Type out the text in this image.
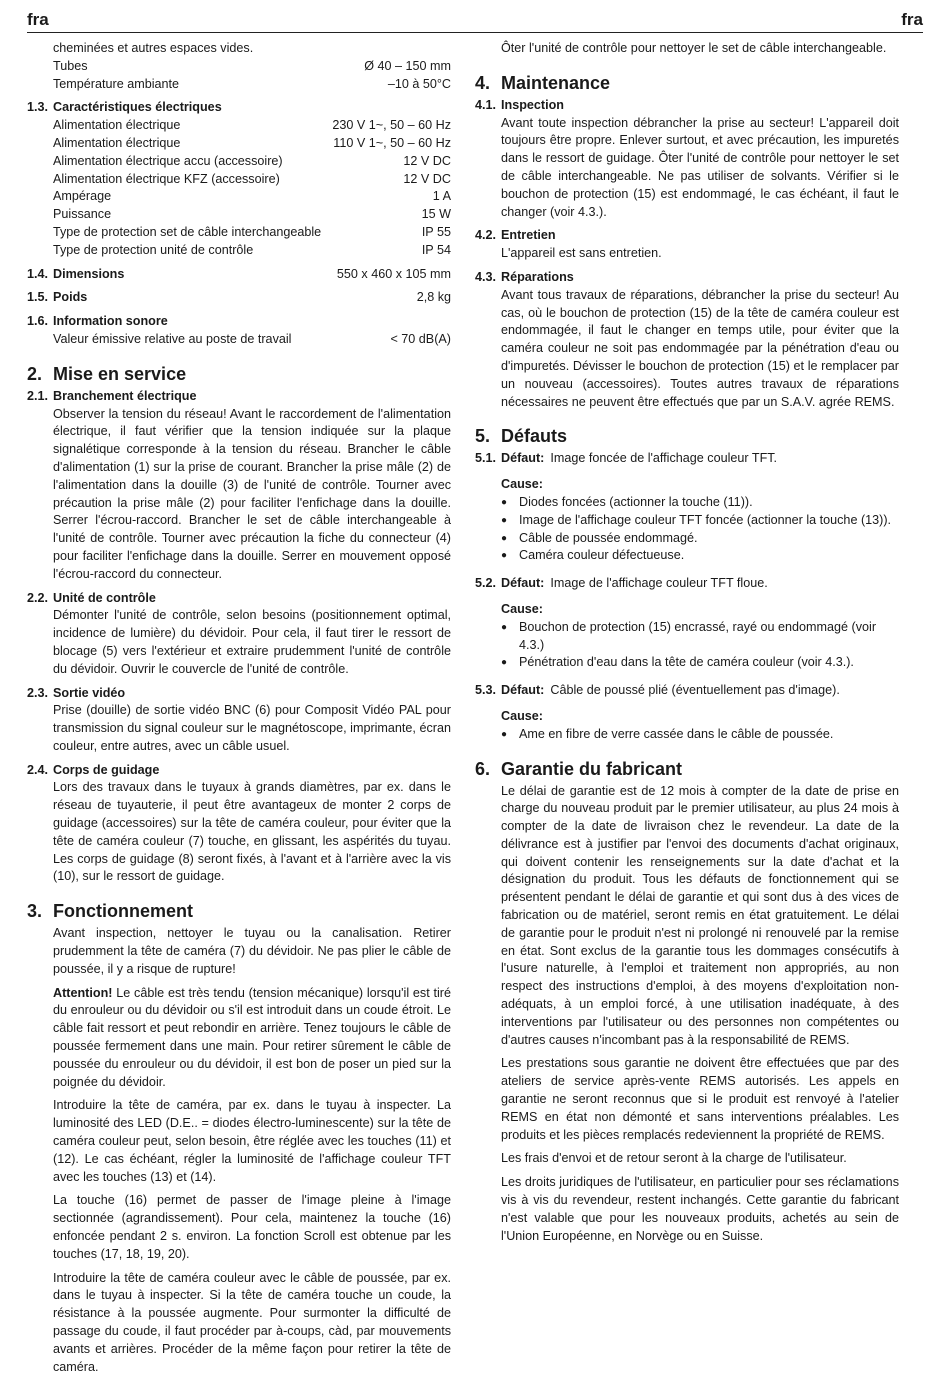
fra	fra

cheminées et autres espaces vides.

Tubes	Ø 40 – 150 mm
Température ambiante	–10 à 50°C
1.3. Caractéristiques électriques
Alimentation électrique	230 V 1~, 50 – 60 Hz
Alimentation électrique	110 V 1~, 50 – 60 Hz
Alimentation électrique accu (accessoire)	12 V DC
Alimentation électrique KFZ (accessoire)	12 V DC
Ampérage	1 A
Puissance	15 W
Type de protection set de câble interchangeable	IP 55
Type de protection unité de contrôle	IP 54
1.4. Dimensions	550 x 460 x 105 mm
1.5. Poids	2,8 kg
1.6. Information sonore
Valeur émissive relative au poste de travail	< 70 dB(A)
2. Mise en service
2.1. Branchement électrique

Observer la tension du réseau! Avant le raccordement de l'alimentation électrique, il faut vérifier que la tension indiquée sur la plaque signalétique corresponde à la tension du réseau. Brancher le câble d'alimentation (1) sur la prise de courant. Brancher la prise mâle (2) de l'alimentation dans la douille (3) de l'unité de contrôle. Tourner avec précaution la prise mâle (2) pour faciliter l'enfichage dans la douille. Serrer l'écrou-raccord. Brancher le set de câble interchangeable à l'unité de contrôle. Tourner avec précaution la fiche du connecteur (4) pour faciliter l'enfichage dans la douille. Serrer en mouvement opposé l'écrou-raccord du connecteur.

2.2. Unité de contrôle

Démonter l'unité de contrôle, selon besoins (positionnement optimal, incidence de lumière) du dévidoir. Pour cela, il faut tirer le ressort de blocage (5) vers l'extérieur et extraire prudemment l'unité de contrôle du dévidoir. Ouvrir le couvercle de l'unité de contrôle.

2.3. Sortie vidéo

Prise (douille) de sortie vidéo BNC (6) pour Composit Vidéo PAL pour transmission du signal couleur sur le magnétoscope, imprimante, écran couleur, entre autres, avec un câble usuel.

2.4. Corps de guidage

Lors des travaux dans le tuyaux à grands diamètres, par ex. dans le réseau de tuyauterie, il peut être avantageux de monter 2 corps de guidage (accessoires) sur la tête de caméra couleur, pour éviter que la tête de caméra couleur (7) touche, en glissant, les aspérités du tuyau. Les corps de guidage (8) seront fixés, à l'avant et à l'arrière avec la vis (10), sur le ressort de guidage.

3. Fonctionnement

Avant inspection, nettoyer le tuyau ou la canalisation. Retirer prudemment la tête de caméra (7) du dévidoir. Ne pas plier le câble de poussée, il y a risque de rupture!

Attention! Le câble est très tendu (tension mécanique) lorsqu'il est tiré du enrouleur ou du dévidoir ou s'il est introduit dans un coude étroit. Le câble fait ressort et peut rebondir en arrière. Tenez toujours le câble de poussée fermement dans une main. Pour retirer sûrement le câble de poussée du enrouleur ou du dévidoir, il est bon de poser un pied sur la poignée du dévidoir.

Introduire la tête de caméra, par ex. dans le tuyau à inspecter. La luminosité des LED (D.E.. = diodes électro-luminescente) sur la tête de caméra couleur peut, selon besoin, être réglée avec les touches (11) et (12). Le cas échéant, régler la luminosité de l'affichage couleur TFT avec les touches (13) et (14).

La touche (16) permet de passer de l'image pleine à l'image sectionnée (agrandissement). Pour cela, maintenez la touche (16) enfoncée pendant 2 s. environ. La fonction Scroll est obtenue par les touches (17, 18, 19, 20).

Introduire la tête de caméra couleur avec le câble de poussée, par ex. dans le tuyau à inspecter. Si la tête de caméra touche un coude, la résistance à la poussée augmente. Pour surmonter la difficulté de passage du coude, il faut procéder par à-coups, càd, par mouvements avants et arrières. Procéder de la même façon pour retirer la tête de caméra.

Ôter l'unité de contrôle pour nettoyer le set de câble interchangeable.

4. Maintenance
4.1. Inspection

Avant toute inspection débrancher la prise au secteur! L'appareil doit toujours être propre. Enlever surtout, et avec précaution, les impuretés dans le ressort de guidage. Ôter l'unité de contrôle pour nettoyer le set de câble interchangeable. Ne pas utiliser de solvants. Vérifier si le bouchon de protection (15) est endommagé, le cas échéant, il faut le changer (voir 4.3.).

4.2. Entretien

L'appareil est sans entretien.

4.3. Réparations

Avant tous travaux de réparations, débrancher la prise du secteur! Au cas, où le bouchon de protection (15) de la tête de caméra couleur est endommagée, il faut le changer en temps utile, pour éviter que la caméra couleur ne soit pas endommagée par la pénétration d'eau ou d'impuretés. Dévisser le bouchon de protection (15) et le remplacer par un nouveau (accessoires). Toutes autres travaux de réparations nécessaires ne peuvent être effectués que par un S.A.V. agrée REMS.

5. Défauts
5.1. Défaut: Image foncée de l'affichage couleur TFT.

Cause:

● Diodes foncées (actionner la touche (11)).
● Image de l'affichage couleur TFT foncée (actionner la touche (13)).
● Câble de poussée endommagé.
● Caméra couleur défectueuse.
5.2. Défaut: Image de l'affichage couleur TFT floue.

Cause:

● Bouchon de protection (15) encrassé, rayé ou endommagé (voir 4.3.)
● Pénétration d'eau dans la tête de caméra couleur (voir 4.3.).
5.3. Défaut: Câble de poussé plié (éventuellement pas d'image).

Cause:

● Ame en fibre de verre cassée dans le câble de poussée.
6. Garantie du fabricant

Le délai de garantie est de 12 mois à compter de la date de prise en charge du nouveau produit par le premier utilisateur, au plus 24 mois à compter de la date de livraison chez le revendeur. La date de la délivrance est à justifier par l'envoi des documents d'achat originaux, qui doivent contenir les renseignements sur la date d'achat et la désignation du produit. Tous les défauts de fonctionnement qui se présentent pendant le délai de garantie et qui sont dus à des vices de fabrication ou de matériel, seront remis en état gratuitement. Le délai de garantie pour le produit n'est ni prolongé ni renouvelé par la remise en état. Sont exclus de la garantie tous les dommages consécutifs à l'usure naturelle, à l'emploi et traitement non appropriés, au non respect des instructions d'emploi, à des moyens d'exploitation non-adéquats, à un emploi forcé, à une utilisation inadéquate, à des interventions par l'utilisateur ou des personnes non compétentes ou d'autres causes n'incombant pas à la responsabilité de REMS.

Les prestations sous garantie ne doivent être effectuées que par des ateliers de service après-vente REMS autorisés. Les appels en garantie ne seront reconnus que si le produit est renvoyé à l'atelier REMS en état non démonté et sans interventions préalables. Les produits et les pièces remplacés redeviennent la propriété de REMS.

Les frais d'envoi et de retour seront à la charge de l'utilisateur.

Les droits juridiques de l'utilisateur, en particulier pour ses réclamations vis à vis du revendeur, restent inchangés. Cette garantie du fabricant n'est valable que pour les nouveaux produits, achetés au sein de l'Union Européenne, en Norvège ou en Suisse.
